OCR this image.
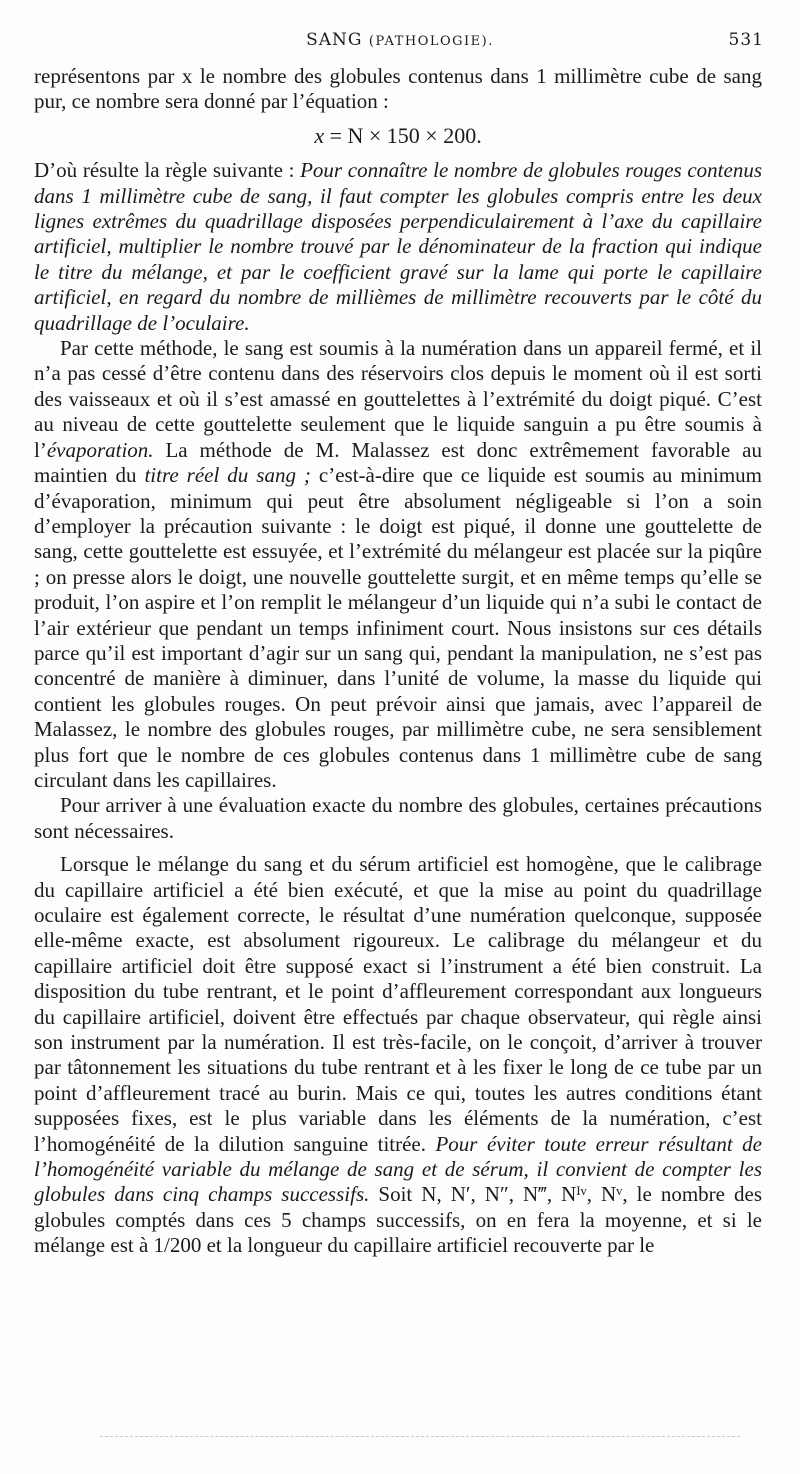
SANG (PATHOLOGIE).	531

représentons par x le nombre des globules contenus dans 1 millimètre cube de sang pur, ce nombre sera donné par l’équation :

x = N × 150 × 200.

D’où résulte la règle suivante : Pour connaître le nombre de globules rouges contenus dans 1 millimètre cube de sang, il faut compter les globules compris entre les deux lignes extrêmes du quadrillage disposées perpendiculairement à l’axe du capillaire artificiel, multiplier le nombre trouvé par le dénominateur de la fraction qui indique le titre du mélange, et par le coefficient gravé sur la lame qui porte le capillaire artificiel, en regard du nombre de millièmes de millimètre recouverts par le côté du quadrillage de l’oculaire.

Par cette méthode, le sang est soumis à la numération dans un appareil fermé, et il n’a pas cessé d’être contenu dans des réservoirs clos depuis le moment où il est sorti des vaisseaux et où il s’est amassé en gouttelettes à l’extrémité du doigt piqué. C’est au niveau de cette gouttelette seulement que le liquide sanguin a pu être soumis à l’évaporation. La méthode de M. Malassez est donc extrêmement favorable au maintien du titre réel du sang ; c’est-à-dire que ce liquide est soumis au minimum d’évaporation, minimum qui peut être absolument négligeable si l’on a soin d’employer la précaution suivante : le doigt est piqué, il donne une gouttelette de sang, cette gouttelette est essuyée, et l’extrémité du mélangeur est placée sur la piqûre ; on presse alors le doigt, une nouvelle gouttelette surgit, et en même temps qu’elle se produit, l’on aspire et l’on remplit le mélangeur d’un liquide qui n’a subi le contact de l’air extérieur que pendant un temps infiniment court. Nous insistons sur ces détails parce qu’il est important d’agir sur un sang qui, pendant la manipulation, ne s’est pas concentré de manière à diminuer, dans l’unité de volume, la masse du liquide qui contient les globules rouges. On peut prévoir ainsi que jamais, avec l’appareil de Malassez, le nombre des globules rouges, par millimètre cube, ne sera sensiblement plus fort que le nombre de ces globules contenus dans 1 millimètre cube de sang circulant dans les capillaires.

Pour arriver à une évaluation exacte du nombre des globules, certaines précautions sont nécessaires.

Lorsque le mélange du sang et du sérum artificiel est homogène, que le calibrage du capillaire artificiel a été bien exécuté, et que la mise au point du quadrillage oculaire est également correcte, le résultat d’une numération quelconque, supposée elle-même exacte, est absolument rigoureux. Le calibrage du mélangeur et du capillaire artificiel doit être supposé exact si l’instrument a été bien construit. La disposition du tube rentrant, et le point d’affleurement correspondant aux longueurs du capillaire artificiel, doivent être effectués par chaque observateur, qui règle ainsi son instrument par la numération. Il est très-facile, on le conçoit, d’arriver à trouver par tâtonnement les situations du tube rentrant et à les fixer le long de ce tube par un point d’affleurement tracé au burin. Mais ce qui, toutes les autres conditions étant supposées fixes, est le plus variable dans les éléments de la numération, c’est l’homogénéité de la dilution sanguine titrée. Pour éviter toute erreur résultant de l’homogénéité variable du mélange de sang et de sérum, il convient de compter les globules dans cinq champs successifs. Soit N, N′, N″, N‴, Nᴵᵛ, Nᵛ, le nombre des globules comptés dans ces 5 champs successifs, on en fera la moyenne, et si le mélange est à 1/200 et la longueur du capillaire artificiel recouverte par le
